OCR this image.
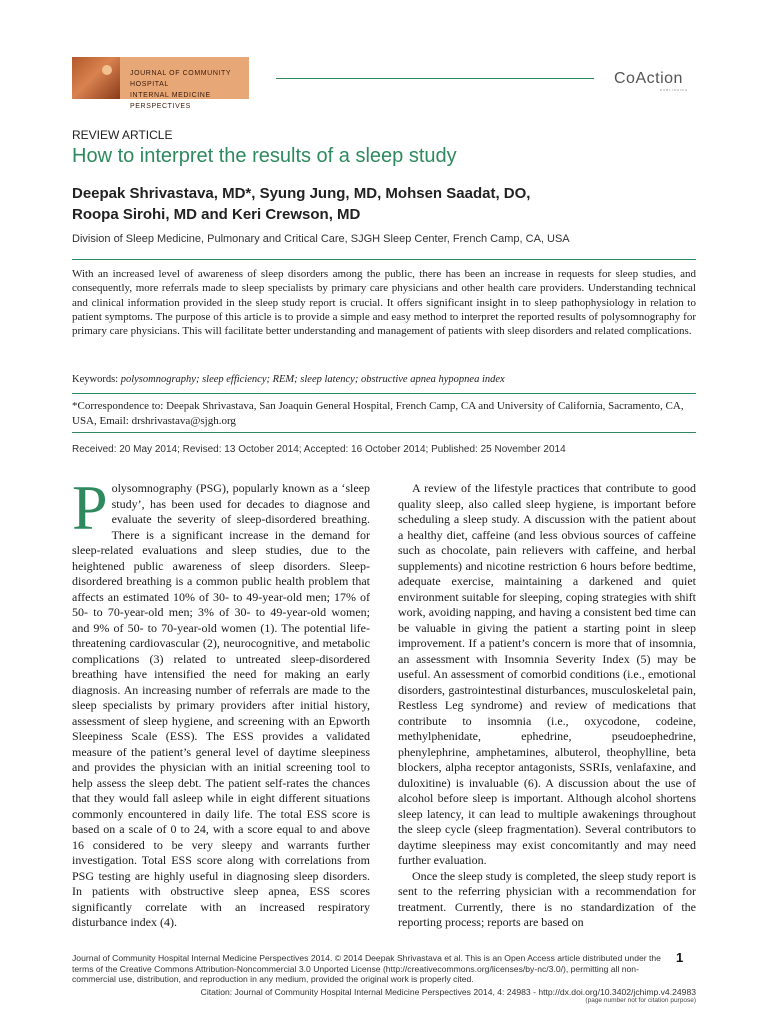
JOURNAL OF COMMUNITY HOSPITAL
INTERNAL MEDICINE PERSPECTIVES
CoAction
PUBLISHING
REVIEW ARTICLE
How to interpret the results of a sleep study
Deepak Shrivastava, MD*, Syung Jung, MD, Mohsen Saadat, DO,
Roopa Sirohi, MD and Keri Crewson, MD
Division of Sleep Medicine, Pulmonary and Critical Care, SJGH Sleep Center, French Camp, CA, USA
With an increased level of awareness of sleep disorders among the public, there has been an increase in requests for sleep studies, and consequently, more referrals made to sleep specialists by primary care physicians and other health care providers. Understanding technical and clinical information provided in the sleep study report is crucial. It offers significant insight in to sleep pathophysiology in relation to patient symptoms. The purpose of this article is to provide a simple and easy method to interpret the reported results of polysomnography for primary care physicians. This will facilitate better understanding and management of patients with sleep disorders and related complications.
Keywords: polysomnography; sleep efficiency; REM; sleep latency; obstructive apnea hypopnea index
*Correspondence to: Deepak Shrivastava, San Joaquin General Hospital, French Camp, CA and University of California, Sacramento, CA, USA, Email: drshrivastava@sjgh.org
Received: 20 May 2014; Revised: 13 October 2014; Accepted: 16 October 2014; Published: 25 November 2014

Polysomnography (PSG), popularly known as a ‘sleep study’, has been used for decades to diagnose and evaluate the severity of sleep-disordered breathing. There is a significant increase in the demand for sleep-related evaluations and sleep studies, due to the heightened public awareness of sleep disorders. Sleep-disordered breathing is a common public health problem that affects an estimated 10% of 30- to 49-year-old men; 17% of 50- to 70-year-old men; 3% of 30- to 49-year-old women; and 9% of 50- to 70-year-old women (1). The potential life-threatening cardiovascular (2), neurocognitive, and metabolic complications (3) related to untreated sleep-disordered breathing have intensified the need for making an early diagnosis. An increasing number of referrals are made to the sleep specialists by primary providers after initial history, assessment of sleep hygiene, and screening with an Epworth Sleepiness Scale (ESS). The ESS provides a validated measure of the patient’s general level of daytime sleepiness and provides the physician with an initial screening tool to help assess the sleep debt. The patient self-rates the chances that they would fall asleep while in eight different situations commonly encountered in daily life. The total ESS score is based on a scale of 0 to 24, with a score equal to and above 16 considered to be very sleepy and warrants further investigation. Total ESS score along with correlations from PSG testing are highly useful in diagnosing sleep disorders. In patients with obstructive sleep apnea, ESS scores significantly correlate with an increased respiratory disturbance index (4).

A review of the lifestyle practices that contribute to good quality sleep, also called sleep hygiene, is important before scheduling a sleep study. A discussion with the patient about a healthy diet, caffeine (and less obvious sources of caffeine such as chocolate, pain relievers with caffeine, and herbal supplements) and nicotine restriction 6 hours before bedtime, adequate exercise, maintaining a darkened and quiet environment suitable for sleeping, coping strategies with shift work, avoiding napping, and having a consistent bed time can be valuable in giving the patient a starting point in sleep improvement. If a patient’s concern is more that of insomnia, an assessment with Insomnia Severity Index (5) may be useful. An assessment of comorbid conditions (i.e., emotional disorders, gastrointestinal disturbances, musculoskeletal pain, Restless Leg syndrome) and review of medications that contribute to insomnia (i.e., oxycodone, codeine, methylphenidate, ephedrine, pseudoephedrine, phenylephrine, amphetamines, albuterol, theophylline, beta blockers, alpha receptor antagonists, SSRIs, venlafaxine, and duloxitine) is invaluable (6). A discussion about the use of alcohol before sleep is important. Although alcohol shortens sleep latency, it can lead to multiple awakenings throughout the sleep cycle (sleep fragmentation). Several contributors to daytime sleepiness may exist concomitantly and may need further evaluation.

Once the sleep study is completed, the sleep study report is sent to the referring physician with a recommendation for treatment. Currently, there is no standardization of the reporting process; reports are based on

Journal of Community Hospital Internal Medicine Perspectives 2014. © 2014 Deepak Shrivastava et al. This is an Open Access article distributed under the terms of the Creative Commons Attribution-Noncommercial 3.0 Unported License (http://creativecommons.org/licenses/by-nc/3.0/), permitting all non-commercial use, distribution, and reproduction in any medium, provided the original work is properly cited.
1
Citation: Journal of Community Hospital Internal Medicine Perspectives 2014, 4: 24983 - http://dx.doi.org/10.3402/jchimp.v4.24983
(page number not for citation purpose)
